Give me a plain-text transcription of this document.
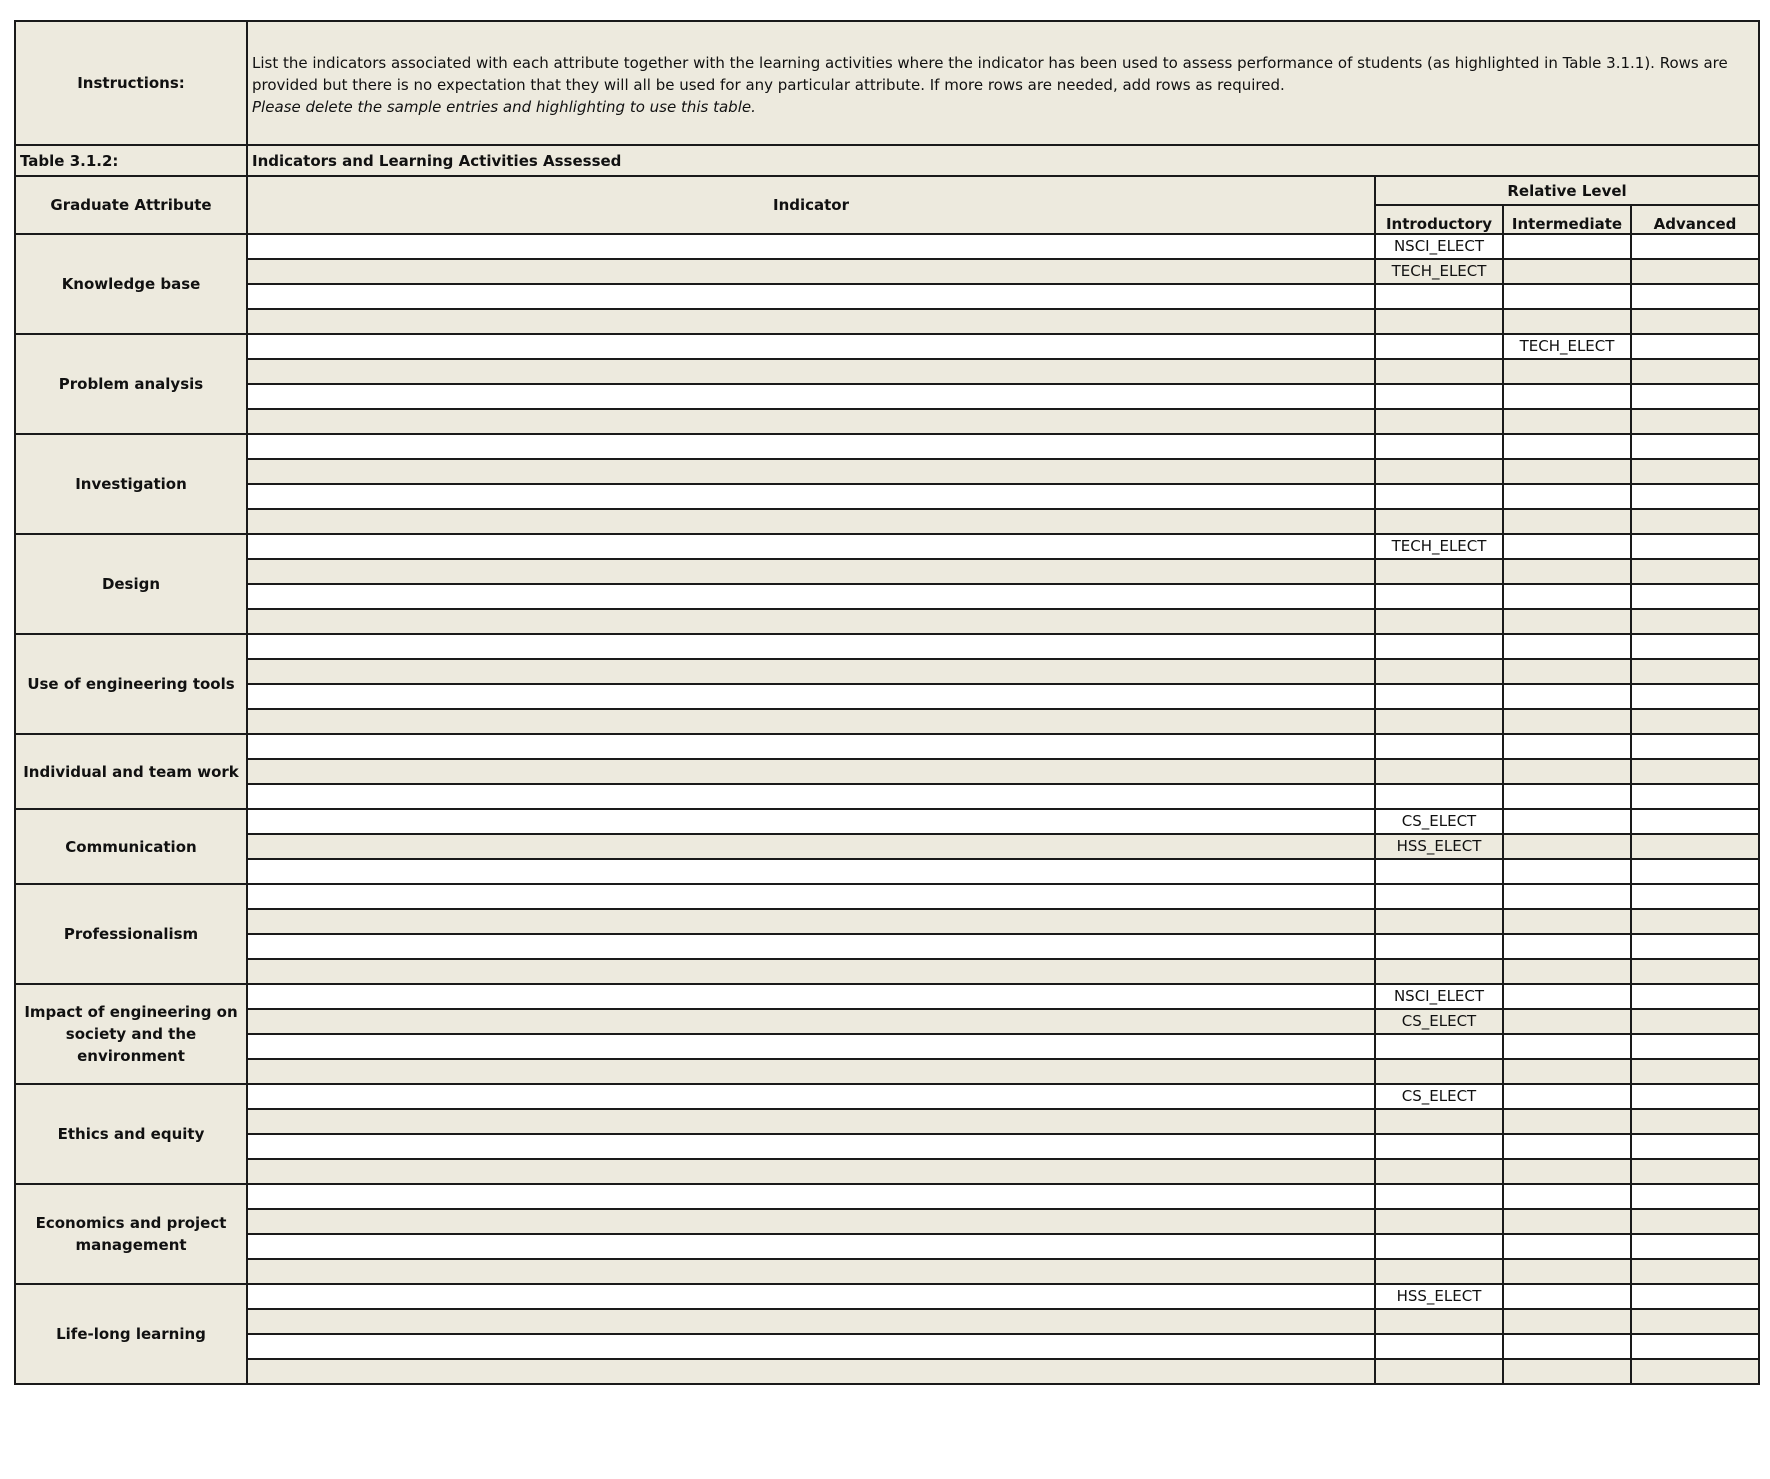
Instructions:	List the indicators associated with each attribute together with the learning activities where the indicator has been used to assess performance of students (as highlighted in Table 3.1.1). Rows are provided but there is no expectation that they will all be used for any particular attribute. If more rows are needed, add rows as required.
Please delete the sample entries and highlighting to use this table.			

Table 3.1.2:	Indicators and Learning Activities Assessed			
Graduate Attribute	Indicator	Relative Level		
		Introductory	Intermediate	Advanced
Knowledge base		NSCI_ELECT		
		TECH_ELECT		

Problem analysis			TECH_ELECT	

Investigation				

Design		TECH_ELECT		

Use of engineering tools				

Individual and team work				

Communication		CS_ELECT		
		HSS_ELECT		

Professionalism				

Impact of engineering on society and the environment		NSCI_ELECT		
		CS_ELECT		

Ethics and equity		CS_ELECT		

Economics and project management				

Life-long learning		HSS_ELECT		
